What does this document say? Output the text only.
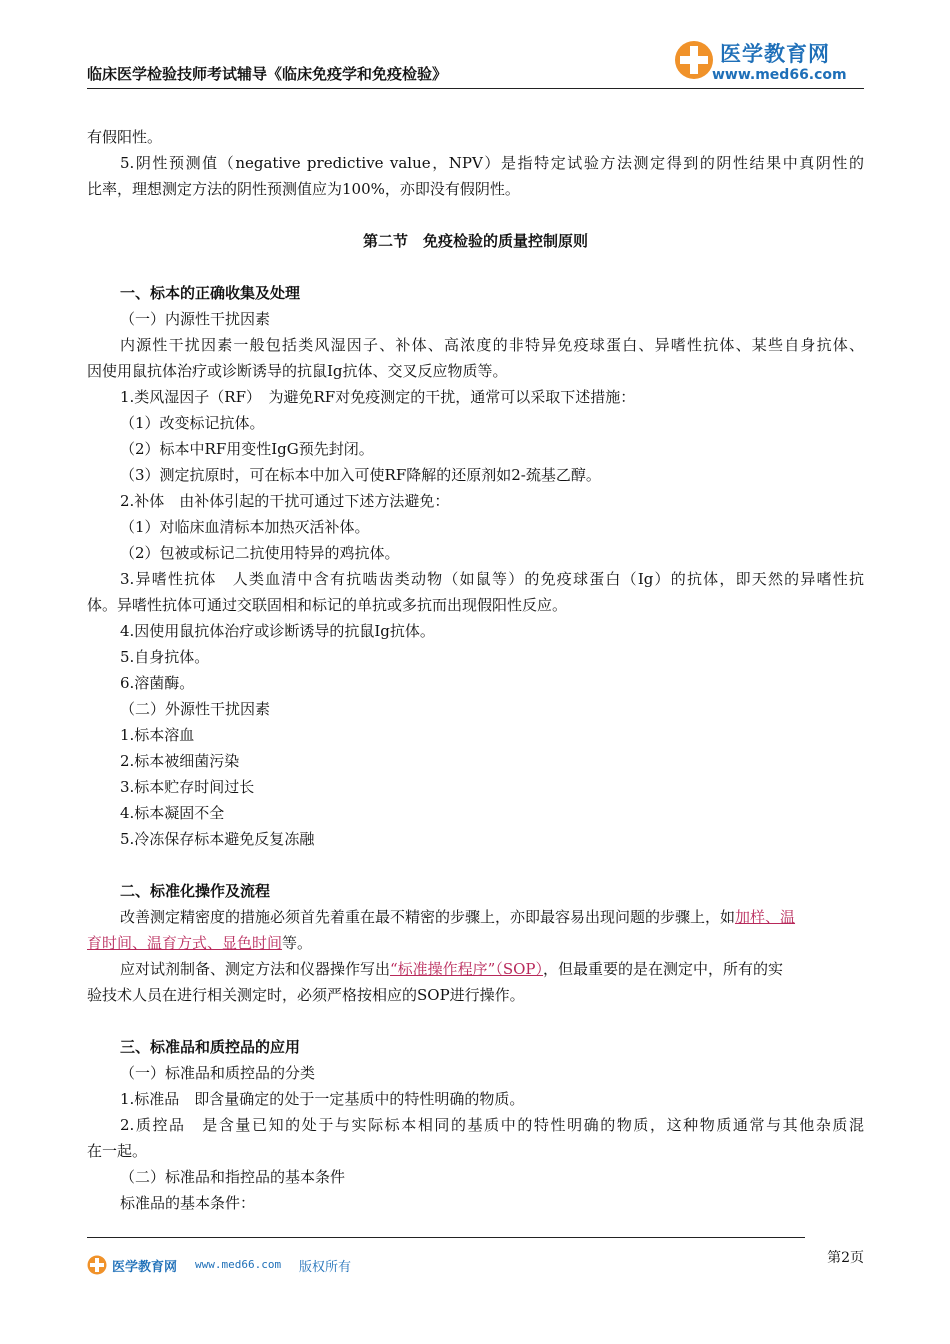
临床医学检验技师考试辅导《临床免疫学和免疫检验》
医学教育网
www.med66.com
有假阳性。
5.阴性预测值（negative predictive value，NPV）是指特定试验方法测定得到的阴性结果中真阴性的
比率，理想测定方法的阴性预测值应为100%，亦即没有假阴性。
第二节　免疫检验的质量控制原则
一、标本的正确收集及处理
（一）内源性干扰因素
内源性干扰因素一般包括类风湿因子、补体、高浓度的非特异免疫球蛋白、异嗜性抗体、某些自身抗体、
因使用鼠抗体治疗或诊断诱导的抗鼠Ig抗体、交叉反应物质等。
1.类风湿因子（RF）　为避免RF对免疫测定的干扰，通常可以采取下述措施：
（1）改变标记抗体。
（2）标本中RF用变性IgG预先封闭。
（3）测定抗原时，可在标本中加入可使RF降解的还原剂如2-巯基乙醇。
2.补体　由补体引起的干扰可通过下述方法避免：
（1）对临床血清标本加热灭活补体。
（2）包被或标记二抗使用特异的鸡抗体。
3.异嗜性抗体　人类血清中含有抗啮齿类动物（如鼠等）的免疫球蛋白（Ig）的抗体，即天然的异嗜性抗
体。异嗜性抗体可通过交联固相和标记的单抗或多抗而出现假阳性反应。
4.因使用鼠抗体治疗或诊断诱导的抗鼠Ig抗体。
5.自身抗体。
6.溶菌酶。
（二）外源性干扰因素
1.标本溶血
2.标本被细菌污染
3.标本贮存时间过长
4.标本凝固不全
5.冷冻保存标本避免反复冻融
二、标准化操作及流程
改善测定精密度的措施必须首先着重在最不精密的步骤上，亦即最容易出现问题的步骤上，如加样、温
育时间、温育方式、显色时间等。
应对试剂制备、测定方法和仪器操作写出“标准操作程序”（SOP），但最重要的是在测定中，所有的实
验技术人员在进行相关测定时，必须严格按相应的SOP进行操作。
三、标准品和质控品的应用
（一）标准品和质控品的分类
1.标准品　即含量确定的处于一定基质中的特性明确的物质。
2.质控品　是含量已知的处于与实际标本相同的基质中的特性明确的物质，这种物质通常与其他杂质混
在一起。
（二）标准品和指控品的基本条件
标准品的基本条件：
医学教育网 www.med66.com 版权所有
第2页
